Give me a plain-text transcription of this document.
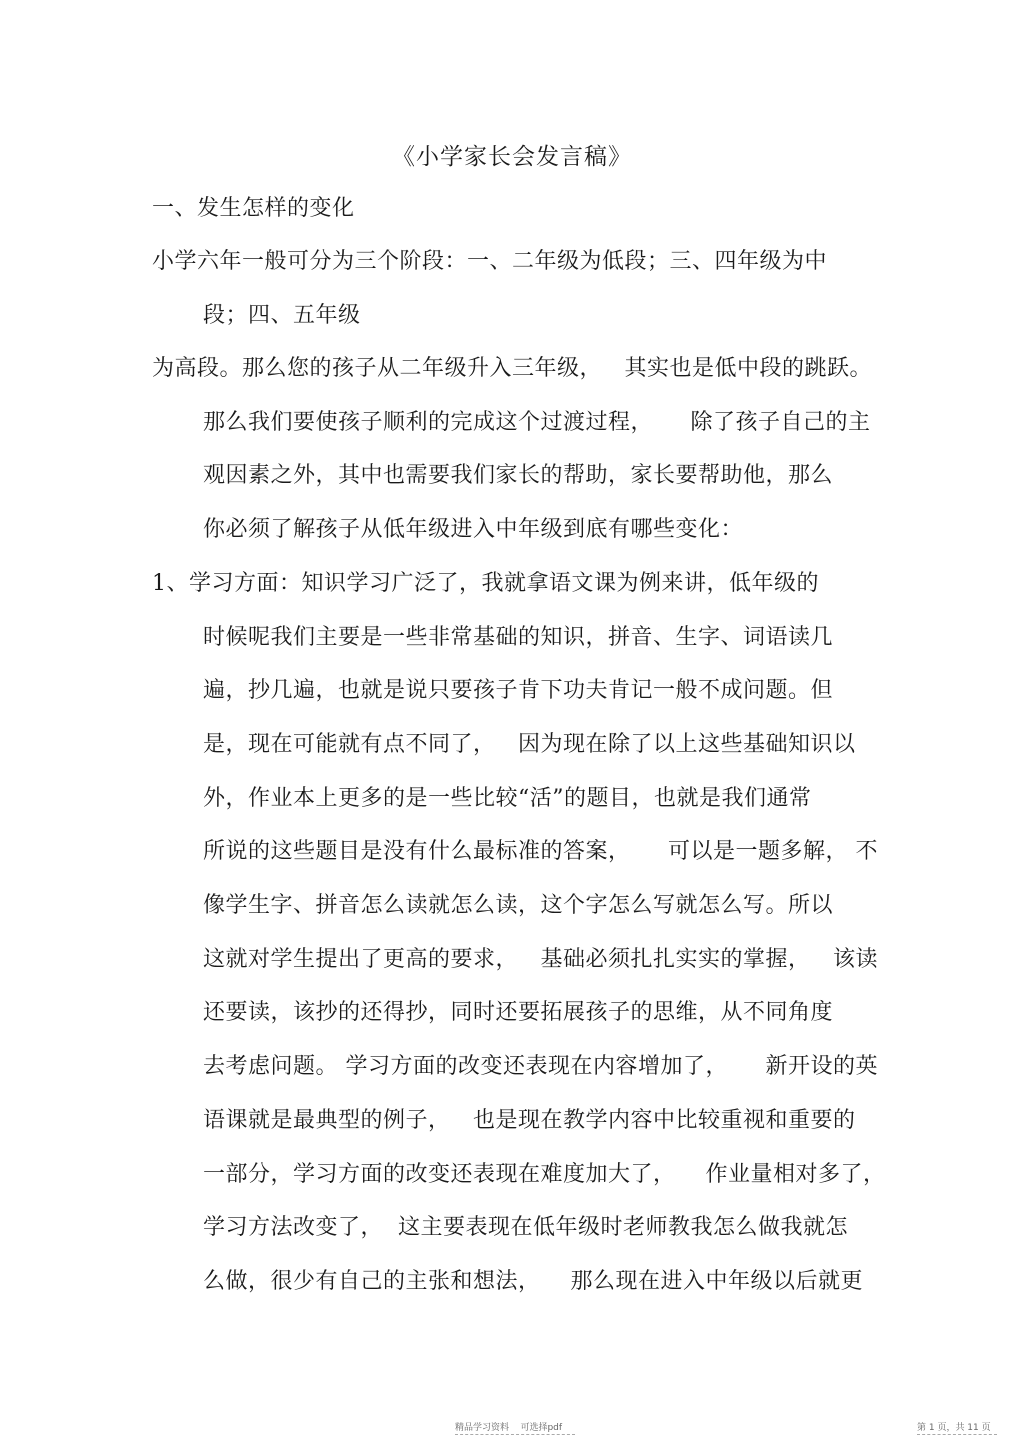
《小学家长会发言稿》
一、发生怎样的变化
小学六年一般可分为三个阶段：一、二年级为低段；三、四年级为中
段；四、五年级
为高段。那么您的孩子从二年级升入三年级，   其实也是低中段的跳跃。
那么我们要使孩子顺利的完成这个过渡过程，     除了孩子自己的主
观因素之外，其中也需要我们家长的帮助，家长要帮助他，那么
你必须了解孩子从低年级进入中年级到底有哪些变化：
1、学习方面：知识学习广泛了，我就拿语文课为例来讲，低年级的
时候呢我们主要是一些非常基础的知识，拼音、生字、词语读几
遍，抄几遍，也就是说只要孩子肯下功夫肯记一般不成问题。但
是，现在可能就有点不同了，   因为现在除了以上这些基础知识以
外，作业本上更多的是一些比较“活”的题目，也就是我们通常
所说的这些题目是没有什么最标准的答案，     可以是一题多解， 不
像学生字、拼音怎么读就怎么读，这个字怎么写就怎么写。所以
这就对学生提出了更高的要求，   基础必须扎扎实实的掌握，   该读
还要读，该抄的还得抄，同时还要拓展孩子的思维，从不同角度
去考虑问题。 学习方面的改变还表现在内容增加了，     新开设的英
语课就是最典型的例子，   也是现在教学内容中比较重视和重要的
一部分，学习方面的改变还表现在难度加大了，    作业量相对多了，
学习方法改变了，  这主要表现在低年级时老师教我怎么做我就怎
么做，很少有自己的主张和想法，    那么现在进入中年级以后就更
精品学习资料    可选择pdf	第 1 页，共 11 页
